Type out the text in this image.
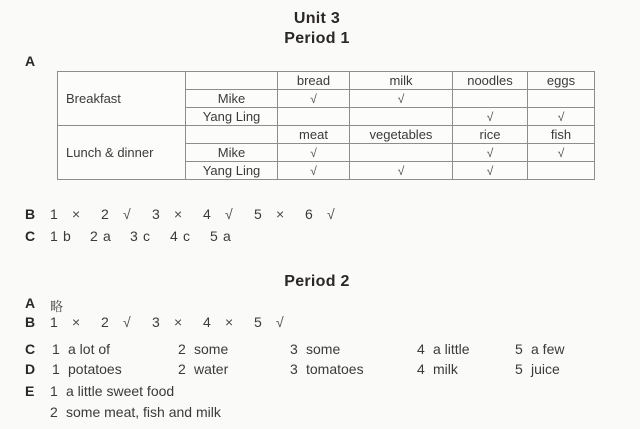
Unit 3
Period 1
A
Breakfast		bread	milk	noodles	eggs
	Mike	√	√		
	Yang Ling			√	√
Lunch & dinner		meat	vegetables	rice	fish
	Mike	√		√	√
	Yang Ling	√	√	√	
B 1 × 2 √ 3 × 4 √ 5 × 6 √
C 1 b 2 a 3 c 4 c 5 a
Period 2
A 略
B 1 × 2 √ 3 × 4 × 5 √
C 1 a lot of	2 some	3 some	4 a little	5 a few
D 1 potatoes	2 water	3 tomatoes	4 milk	5 juice
E 1 a little sweet food
2 some meat, fish and milk
